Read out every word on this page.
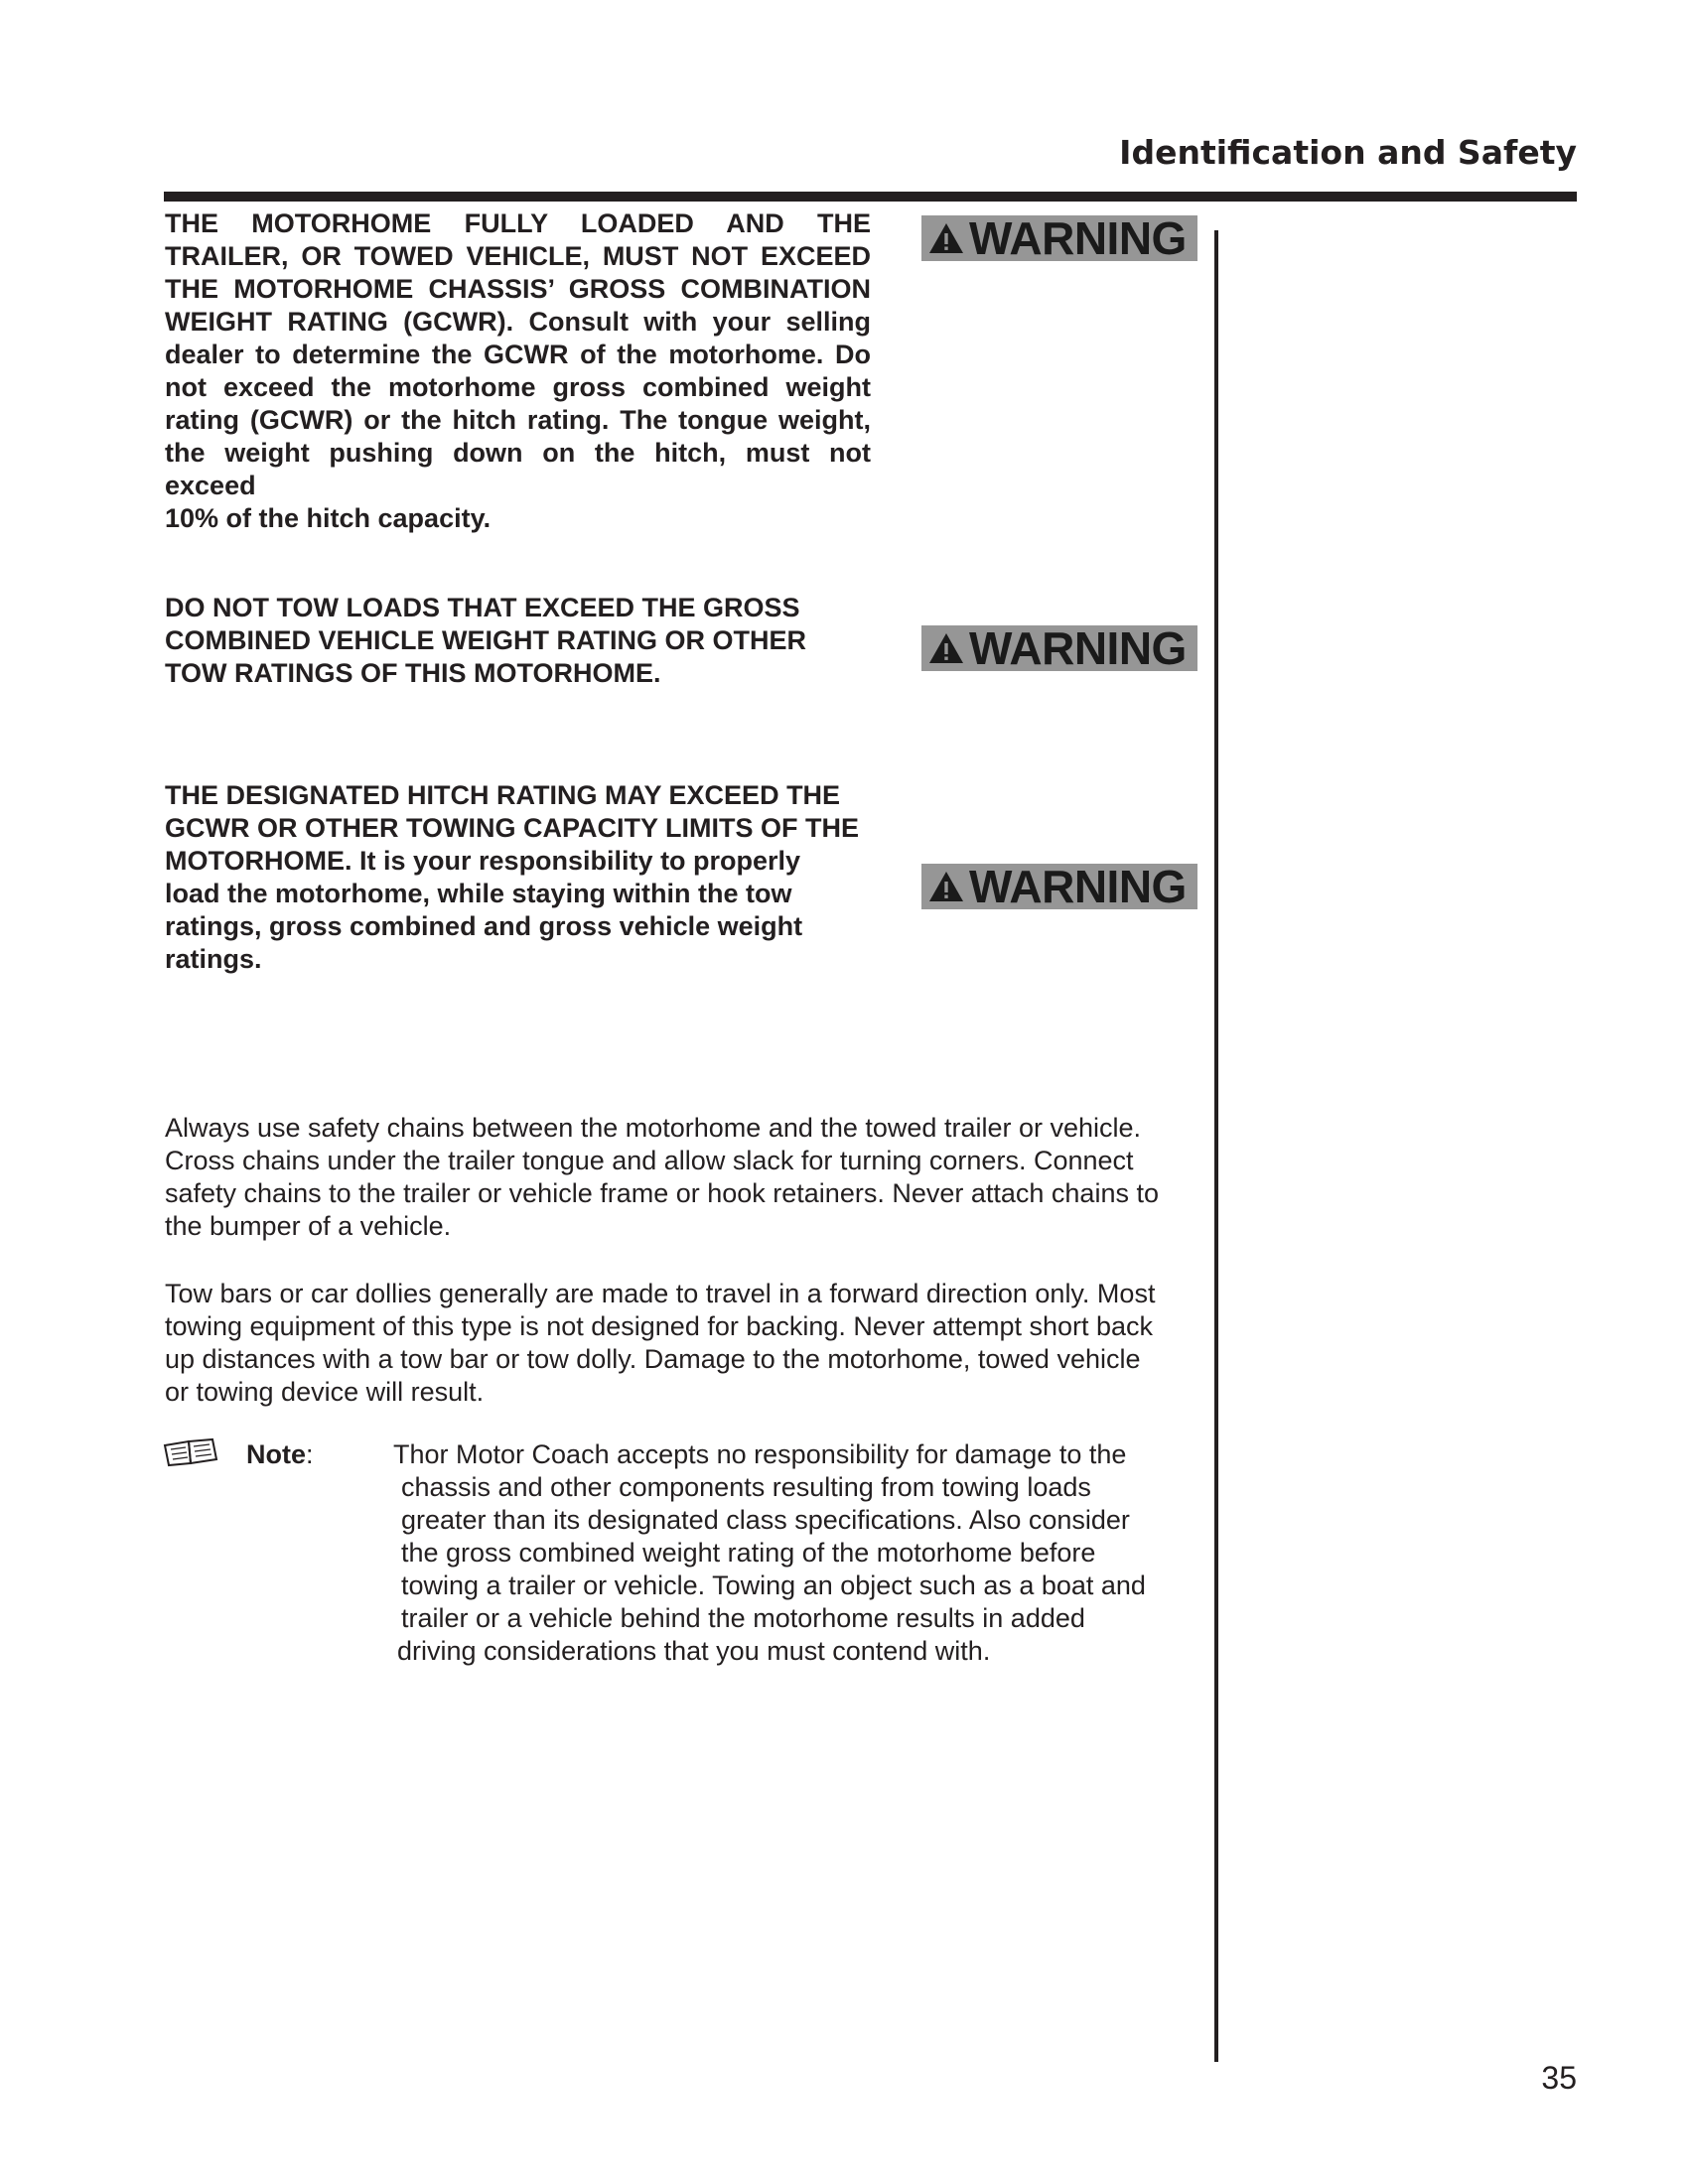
Identification and Safety
THE MOTORHOME FULLY LOADED AND THE
TRAILER, OR TOWED VEHICLE, MUST NOT EXCEED
THE MOTORHOME CHASSIS’ GROSS COMBINATION
WEIGHT RATING (GCWR). Consult with your selling
dealer to determine the GCWR of the motorhome. Do
not exceed the motorhome gross combined weight
rating (GCWR) or the hitch rating. The tongue weight,
the weight pushing down on the hitch, must not exceed
10% of the hitch capacity.
WARNING
DO NOT TOW LOADS THAT EXCEED THE GROSS
COMBINED VEHICLE WEIGHT RATING OR OTHER
TOW RATINGS OF THIS MOTORHOME.	WARNING
THE DESIGNATED HITCH RATING MAY EXCEED THE
GCWR OR OTHER TOWING CAPACITY LIMITS OF THE
MOTORHOME. It is your responsibility to properly
load the motorhome, while staying within the tow
ratings, gross combined and gross vehicle weight
ratings.
WARNING
Always use safety chains between the motorhome and the towed trailer or vehicle.
Cross chains under the trailer tongue and allow slack for turning corners. Connect
safety chains to the trailer or vehicle frame or hook retainers. Never attach chains to
the bumper of a vehicle.
Tow bars or car dollies generally are made to travel in a forward direction only. Most
towing equipment of this type is not designed for backing. Never attempt short back
up distances with a tow bar or tow dolly. Damage to the motorhome, towed vehicle
or towing device will result.
Note:	Thor Motor Coach accepts no responsibility for damage to the
chassis and other components resulting from towing loads
greater than its designated class specifications. Also consider
the gross combined weight rating of the motorhome before
towing a trailer or vehicle. Towing an object such as a boat and
trailer or a vehicle behind the motorhome results in added
driving considerations that you must contend with.
35
